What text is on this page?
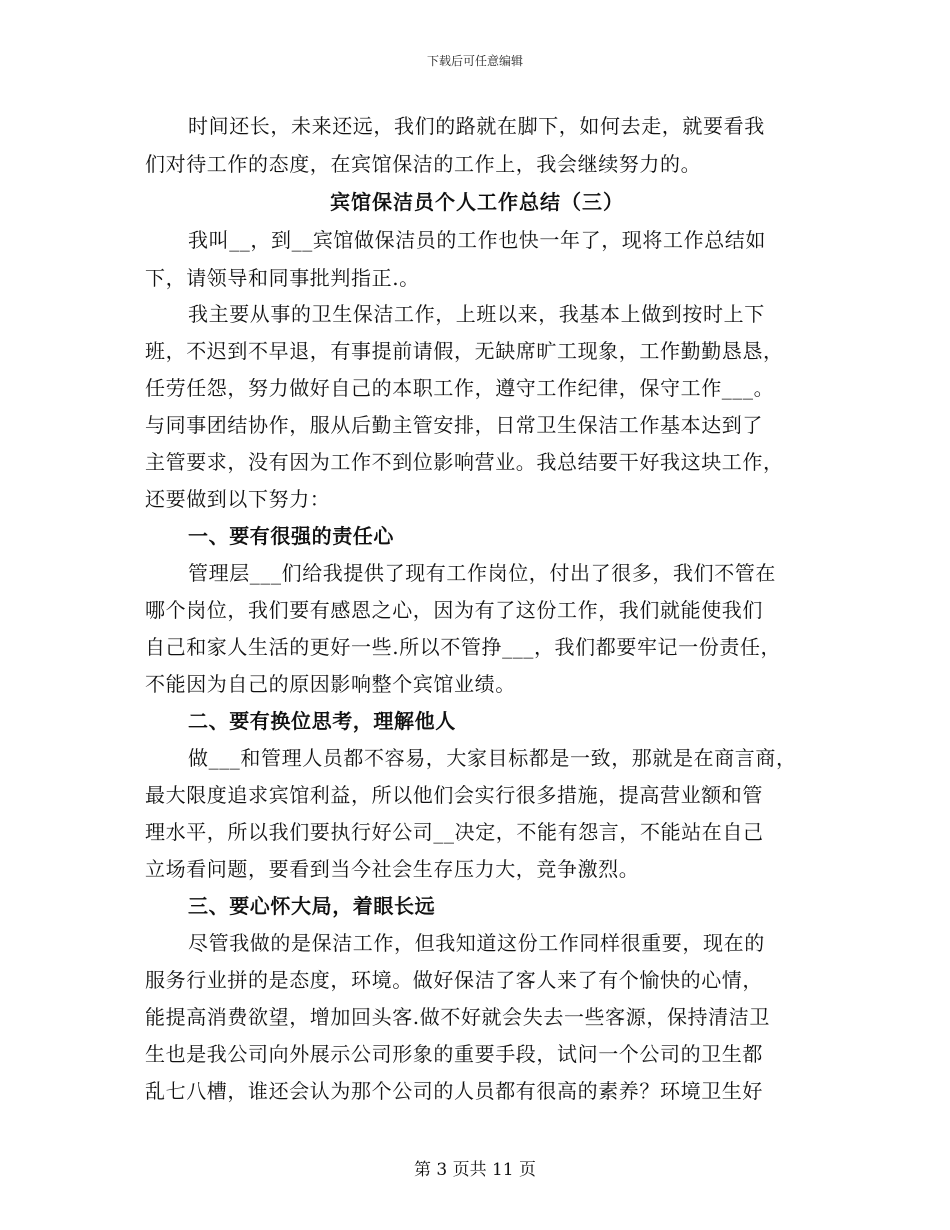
下载后可任意编辑
时间还长，未来还远，我们的路就在脚下，如何去走，就要看我
们对待工作的态度，在宾馆保洁的工作上，我会继续努力的。
宾馆保洁员个人工作总结（三）
我叫__，到__宾馆做保洁员的工作也快一年了，现将工作总结如
下，请领导和同事批判指正.。
我主要从事的卫生保洁工作，上班以来，我基本上做到按时上下
班，不迟到不早退，有事提前请假，无缺席旷工现象，工作勤勤恳恳，
任劳任怨，努力做好自己的本职工作，遵守工作纪律，保守工作___。
与同事团结协作，服从后勤主管安排，日常卫生保洁工作基本达到了
主管要求，没有因为工作不到位影响营业。我总结要干好我这块工作，
还要做到以下努力：
一、要有很强的责任心
管理层___们给我提供了现有工作岗位，付出了很多，我们不管在
哪个岗位，我们要有感恩之心，因为有了这份工作，我们就能使我们
自己和家人生活的更好一些.所以不管挣___，我们都要牢记一份责任，
不能因为自己的原因影响整个宾馆业绩。
二、要有换位思考，理解他人
做___和管理人员都不容易，大家目标都是一致，那就是在商言商，
最大限度追求宾馆利益，所以他们会实行很多措施，提高营业额和管
理水平，所以我们要执行好公司__决定，不能有怨言，不能站在自己
立场看问题，要看到当今社会生存压力大，竞争激烈。
三、要心怀大局，着眼长远
尽管我做的是保洁工作，但我知道这份工作同样很重要，现在的
服务行业拼的是态度，环境。做好保洁了客人来了有个愉快的心情，
能提高消费欲望，增加回头客.做不好就会失去一些客源，保持清洁卫
生也是我公司向外展示公司形象的重要手段，试问一个公司的卫生都
乱七八槽，谁还会认为那个公司的人员都有很高的素养？环境卫生好
第 3 页共 11 页
